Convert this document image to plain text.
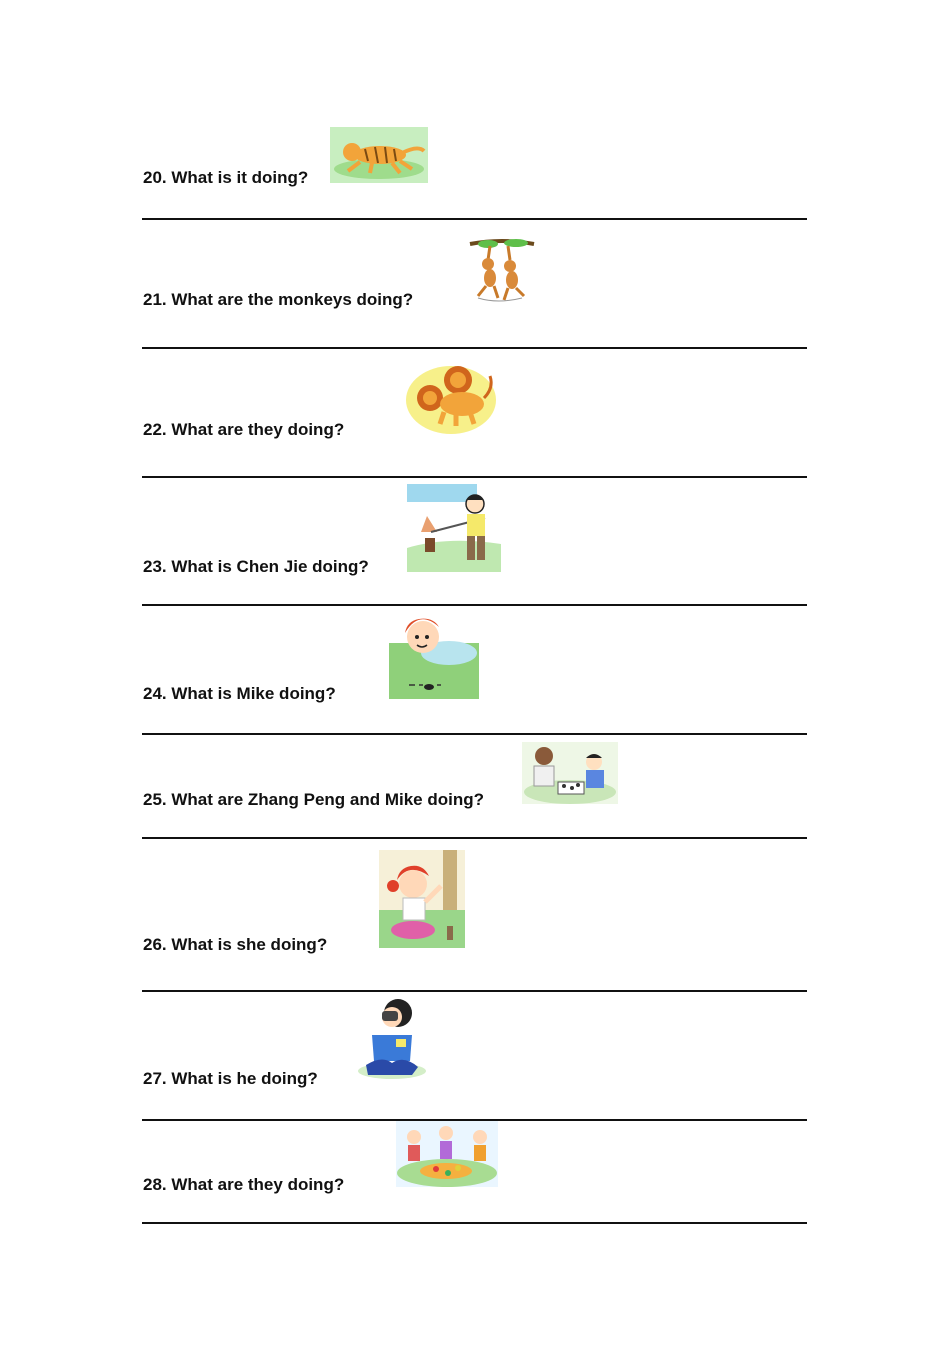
20. What is it doing?
21. What are the monkeys doing?
22. What are they doing?
23. What is Chen Jie doing?
24. What is Mike doing?
25. What are Zhang Peng and Mike doing?
26. What is she doing?
27. What is he doing?
28. What are they doing?
